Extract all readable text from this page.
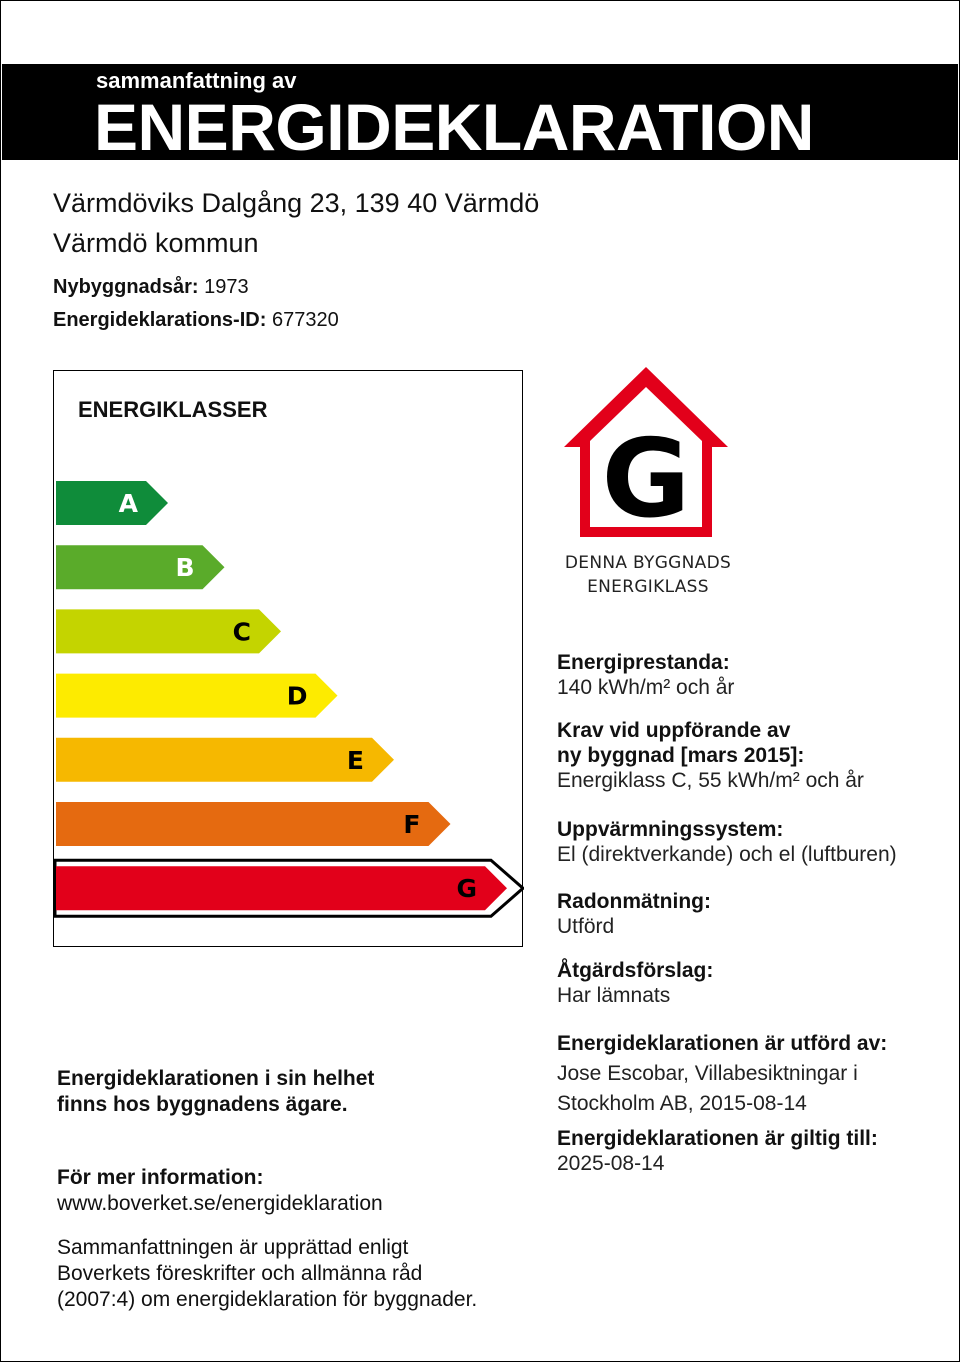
sammanfattning av
ENERGIDEKLARATION
Värmdöviks Dalgång 23, 139 40 Värmdö
Värmdö kommun
Nybyggnadsår: 1973
Energideklarations-ID: 677320
ENERGIKLASSER
A
B
C
D
E
F
G
G
DENNA BYGGNADS
ENERGIKLASS
Energiprestanda:
140 kWh/m² och år
Krav vid uppförande av
ny byggnad [mars 2015]:
Energiklass C, 55 kWh/m² och år
Uppvärmningssystem:
El (direktverkande) och el (luftburen)
Radonmätning:
Utförd
Åtgärdsförslag:
Har lämnats
Energideklarationen är utförd av:
Jose Escobar, Villabesiktningar i
Stockholm AB, 2015-08-14
Energideklarationen är giltig till:
2025-08-14
Energideklarationen i sin helhet
finns hos byggnadens ägare.
För mer information:
www.boverket.se/energideklaration
Sammanfattningen är upprättad enligt
Boverkets föreskrifter och allmänna råd
(2007:4) om energideklaration för byggnader.
